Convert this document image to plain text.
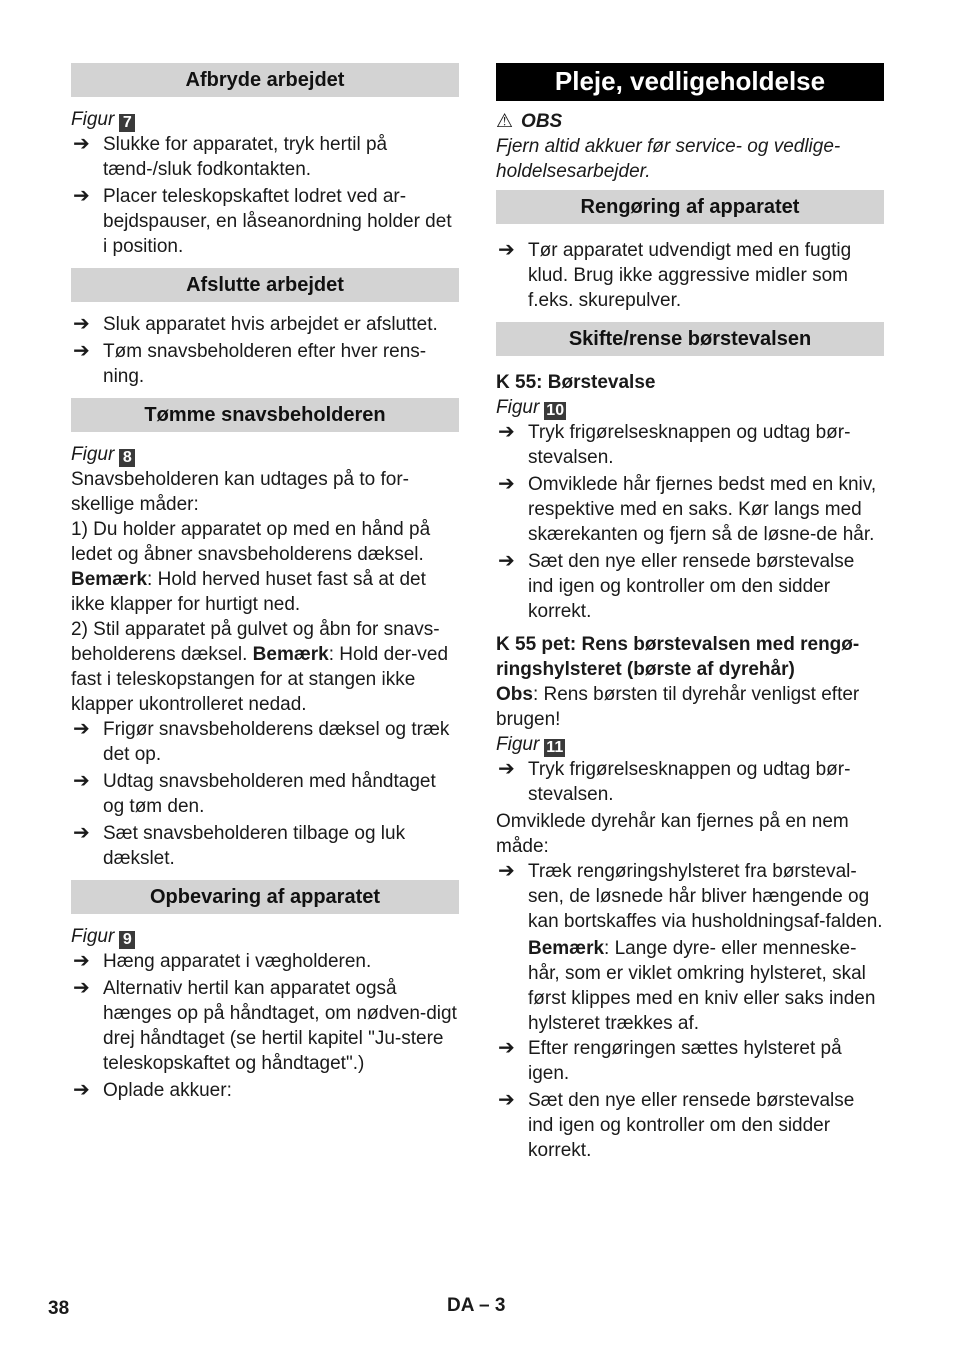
Afbryde arbejdet
Figur 7
➔ Slukke for apparatet, tryk hertil på tænd-/sluk fodkontakten.
➔ Placer teleskopskaftet lodret ved ar-bejdspauser, en låseanordning holder det i position.
Afslutte arbejdet
➔ Sluk apparatet hvis arbejdet er afsluttet.
➔ Tøm snavsbeholderen efter hver rens-ning.
Tømme snavsbeholderen
Figur 8

Snavsbeholderen kan udtages på to for-skellige måder:

1) Du holder apparatet op med en hånd på ledet og åbner snavsbeholderens dæksel.

Bemærk: Hold herved huset fast så at det ikke klapper for hurtigt ned.

2) Stil apparatet på gulvet og åbn for snavs-beholderens dæksel. Bemærk: Hold der-ved fast i teleskopstangen for at stangen ikke klapper ukontrolleret nedad.

➔ Frigør snavsbeholderens dæksel og træk det op.
➔ Udtag snavsbeholderen med håndtaget og tøm den.
➔ Sæt snavsbeholderen tilbage og luk dækslet.
Opbevaring af apparatet
Figur 9
➔ Hæng apparatet i vægholderen.
➔ Alternativ hertil kan apparatet også hænges op på håndtaget, om nødven-digt drej håndtaget (se hertil kapitel "Ju-stere teleskopskaftet og håndtaget".)
➔ Oplade akkuer:
Pleje, vedligeholdelse
⚠ OBS

Fjern altid akkuer før service- og vedlige-holdelsesarbejder.

Rengøring af apparatet
➔ Tør apparatet udvendigt med en fugtig klud. Brug ikke aggressive midler som f.eks. skurepulver.
Skifte/rense børstevalsen
K 55: Børstevalse
Figur 10
➔ Tryk frigørelsesknappen og udtag bør-stevalsen.
➔ Omviklede hår fjernes bedst med en kniv, respektive med en saks. Kør langs med skærekanten og fjern så de løsne-de hår.
➔ Sæt den nye eller rensede børstevalse ind igen og kontroller om den sidder korrekt.
K 55 pet: Rens børstevalsen med rengø-ringshylsteret (børste af dyrehår)

Obs: Rens børsten til dyrehår venligst efter brugen!

Figur 11
➔ Tryk frigørelsesknappen og udtag bør-stevalsen.

Omviklede dyrehår kan fjernes på en nem måde:

➔ Træk rengøringshylsteret fra børsteval-sen, de løsnede hår bliver hængende og kan bortskaffes via husholdningsaf-falden.

Bemærk: Lange dyre- eller menneske-hår, som er viklet omkring hylsteret, skal først klippes med en kniv eller saks inden hylsteret trækkes af.

➔ Efter rengøringen sættes hylsteret på igen.
➔ Sæt den nye eller rensede børstevalse ind igen og kontroller om den sidder korrekt.
38	DA – 3
